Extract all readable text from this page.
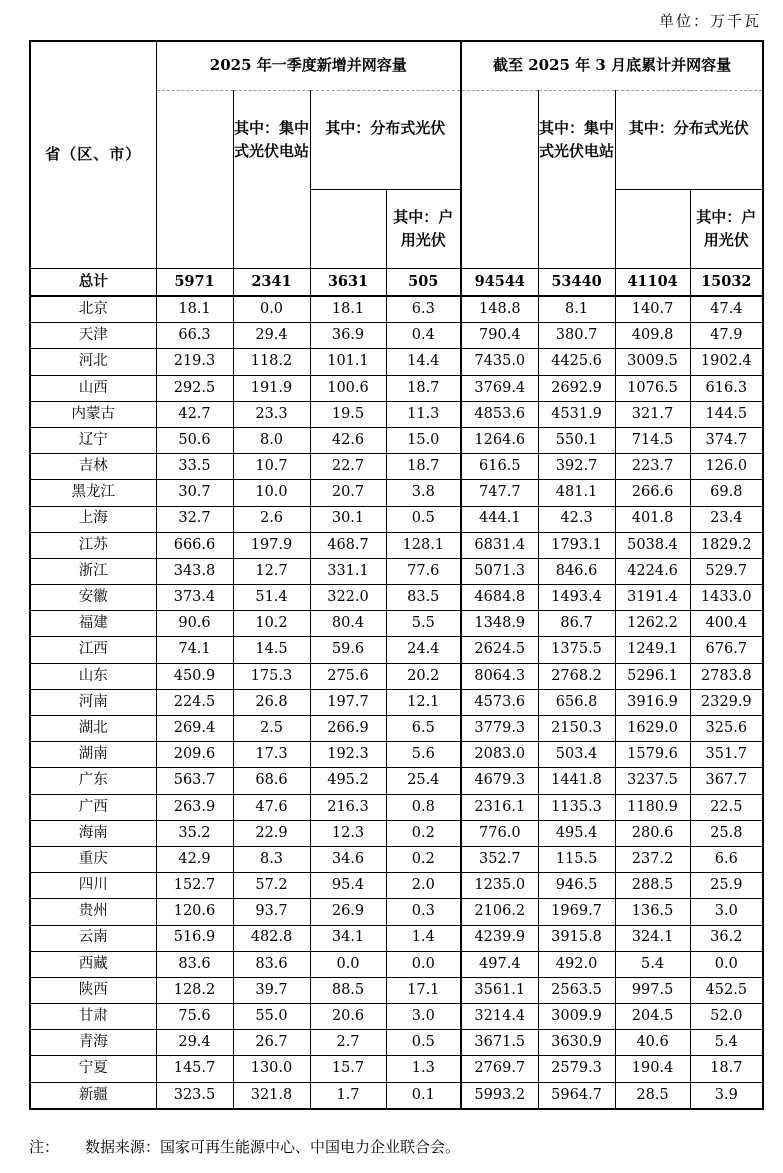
单位：万千瓦
省（区、市）	2025 年一季度新增并网容量				截至 2025 年 3 月底累计并网容量			
		其中：集中式光伏电站	其中：分布式光伏			其中：集中式光伏电站	其中：分布式光伏	
				其中：户用光伏				其中：户用光伏
总计	5971	2341	3631	505	94544	53440	41104	15032
北京	18.1	0.0	18.1	6.3	148.8	8.1	140.7	47.4
天津	66.3	29.4	36.9	0.4	790.4	380.7	409.8	47.9
河北	219.3	118.2	101.1	14.4	7435.0	4425.6	3009.5	1902.4
山西	292.5	191.9	100.6	18.7	3769.4	2692.9	1076.5	616.3
内蒙古	42.7	23.3	19.5	11.3	4853.6	4531.9	321.7	144.5
辽宁	50.6	8.0	42.6	15.0	1264.6	550.1	714.5	374.7
吉林	33.5	10.7	22.7	18.7	616.5	392.7	223.7	126.0
黑龙江	30.7	10.0	20.7	3.8	747.7	481.1	266.6	69.8
上海	32.7	2.6	30.1	0.5	444.1	42.3	401.8	23.4
江苏	666.6	197.9	468.7	128.1	6831.4	1793.1	5038.4	1829.2
浙江	343.8	12.7	331.1	77.6	5071.3	846.6	4224.6	529.7
安徽	373.4	51.4	322.0	83.5	4684.8	1493.4	3191.4	1433.0
福建	90.6	10.2	80.4	5.5	1348.9	86.7	1262.2	400.4
江西	74.1	14.5	59.6	24.4	2624.5	1375.5	1249.1	676.7
山东	450.9	175.3	275.6	20.2	8064.3	2768.2	5296.1	2783.8
河南	224.5	26.8	197.7	12.1	4573.6	656.8	3916.9	2329.9
湖北	269.4	2.5	266.9	6.5	3779.3	2150.3	1629.0	325.6
湖南	209.6	17.3	192.3	5.6	2083.0	503.4	1579.6	351.7
广东	563.7	68.6	495.2	25.4	4679.3	1441.8	3237.5	367.7
广西	263.9	47.6	216.3	0.8	2316.1	1135.3	1180.9	22.5
海南	35.2	22.9	12.3	0.2	776.0	495.4	280.6	25.8
重庆	42.9	8.3	34.6	0.2	352.7	115.5	237.2	6.6
四川	152.7	57.2	95.4	2.0	1235.0	946.5	288.5	25.9
贵州	120.6	93.7	26.9	0.3	2106.2	1969.7	136.5	3.0
云南	516.9	482.8	34.1	1.4	4239.9	3915.8	324.1	36.2
西藏	83.6	83.6	0.0	0.0	497.4	492.0	5.4	0.0
陕西	128.2	39.7	88.5	17.1	3561.1	2563.5	997.5	452.5
甘肃	75.6	55.0	20.6	3.0	3214.4	3009.9	204.5	52.0
青海	29.4	26.7	2.7	0.5	3671.5	3630.9	40.6	5.4
宁夏	145.7	130.0	15.7	1.3	2769.7	2579.3	190.4	18.7
新疆	323.5	321.8	1.7	0.1	5993.2	5964.7	28.5	3.9
注： 数据来源：国家可再生能源中心、中国电力企业联合会。
